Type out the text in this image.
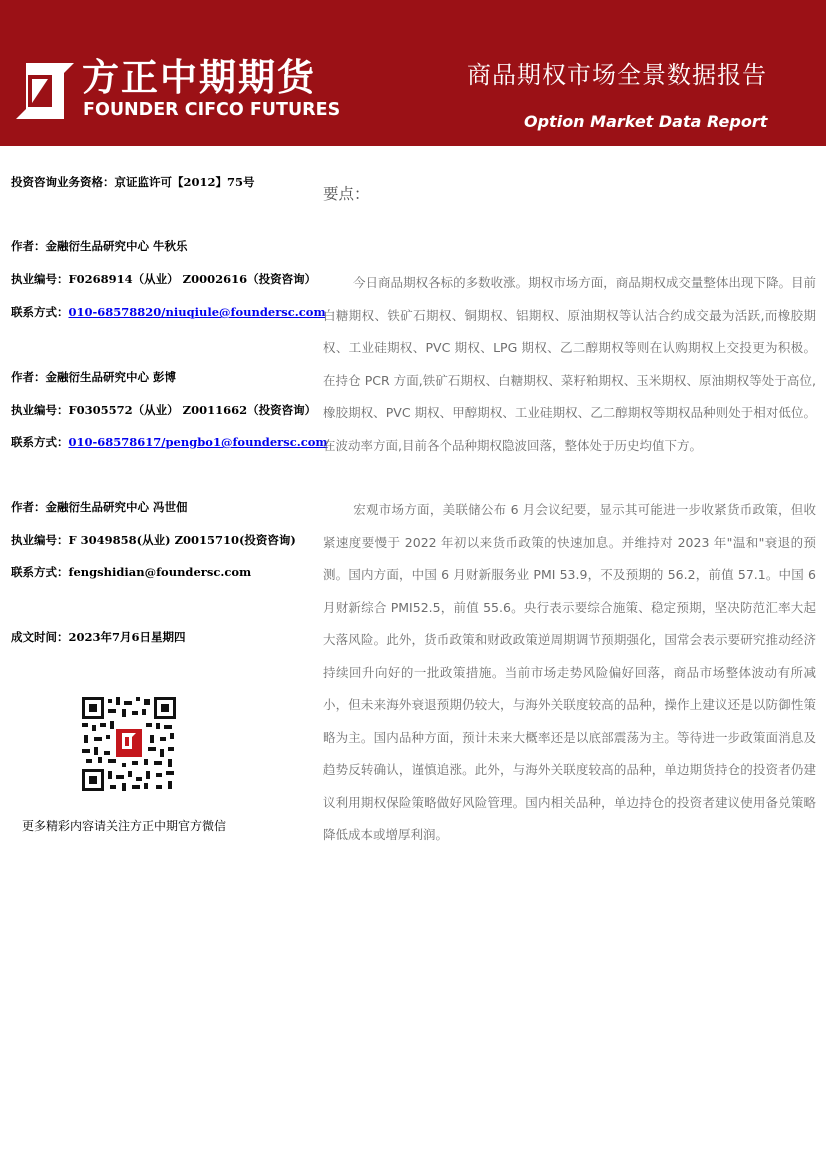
方正中期期货
FOUNDER CIFCO FUTURES
商品期权市场全景数据报告
Option Market Data Report
投资咨询业务资格：京证监许可【2012】75号
作者：金融衍生品研究中心 牛秋乐
执业编号：F0268914（从业） Z0002616（投资咨询）
联系方式：010-68578820/niuqiule@foundersc.com
作者：金融衍生品研究中心 彭博
执业编号：F0305572（从业） Z0011662（投资咨询）
联系方式：010-68578617/pengbo1@foundersc.com
作者：金融衍生品研究中心 冯世佃
执业编号：F 3049858(从业) Z0015710(投资咨询)
联系方式：fengshidian@foundersc.com
成文时间：2023年7月6日星期四
更多精彩内容请关注方正中期官方微信
要点：
今日商品期权各标的多数收涨。期权市场方面，商品期权成交量整体出现下降。目前白糖期权、铁矿石期权、铜期权、铝期权、原油期权等认沽合约成交最为活跃,而橡胶期权、工业硅期权、PVC 期权、LPG 期权、乙二醇期权等则在认购期权上交投更为积极。在持仓 PCR 方面,铁矿石期权、白糖期权、菜籽粕期权、玉米期权、原油期权等处于高位,橡胶期权、PVC 期权、甲醇期权、工业硅期权、乙二醇期权等期权品种则处于相对低位。在波动率方面,目前各个品种期权隐波回落，整体处于历史均值下方。
宏观市场方面，美联储公布 6 月会议纪要，显示其可能进一步收紧货币政策，但收紧速度要慢于 2022 年初以来货币政策的快速加息。并维持对 2023 年"温和"衰退的预测。国内方面，中国 6 月财新服务业 PMI 53.9，不及预期的 56.2，前值 57.1。中国 6 月财新综合 PMI52.5，前值 55.6。央行表示要综合施策、稳定预期，坚决防范汇率大起大落风险。此外，货币政策和财政政策逆周期调节预期强化，国常会表示要研究推动经济持续回升向好的一批政策措施。当前市场走势风险偏好回落，商品市场整体波动有所减小，但未来海外衰退预期仍较大，与海外关联度较高的品种，操作上建议还是以防御性策略为主。国内品种方面，预计未来大概率还是以底部震荡为主。等待进一步政策面消息及趋势反转确认，谨慎追涨。此外，与海外关联度较高的品种，单边期货持仓的投资者仍建议利用期权保险策略做好风险管理。国内相关品种，单边持仓的投资者建议使用备兑策略降低成本或增厚利润。
